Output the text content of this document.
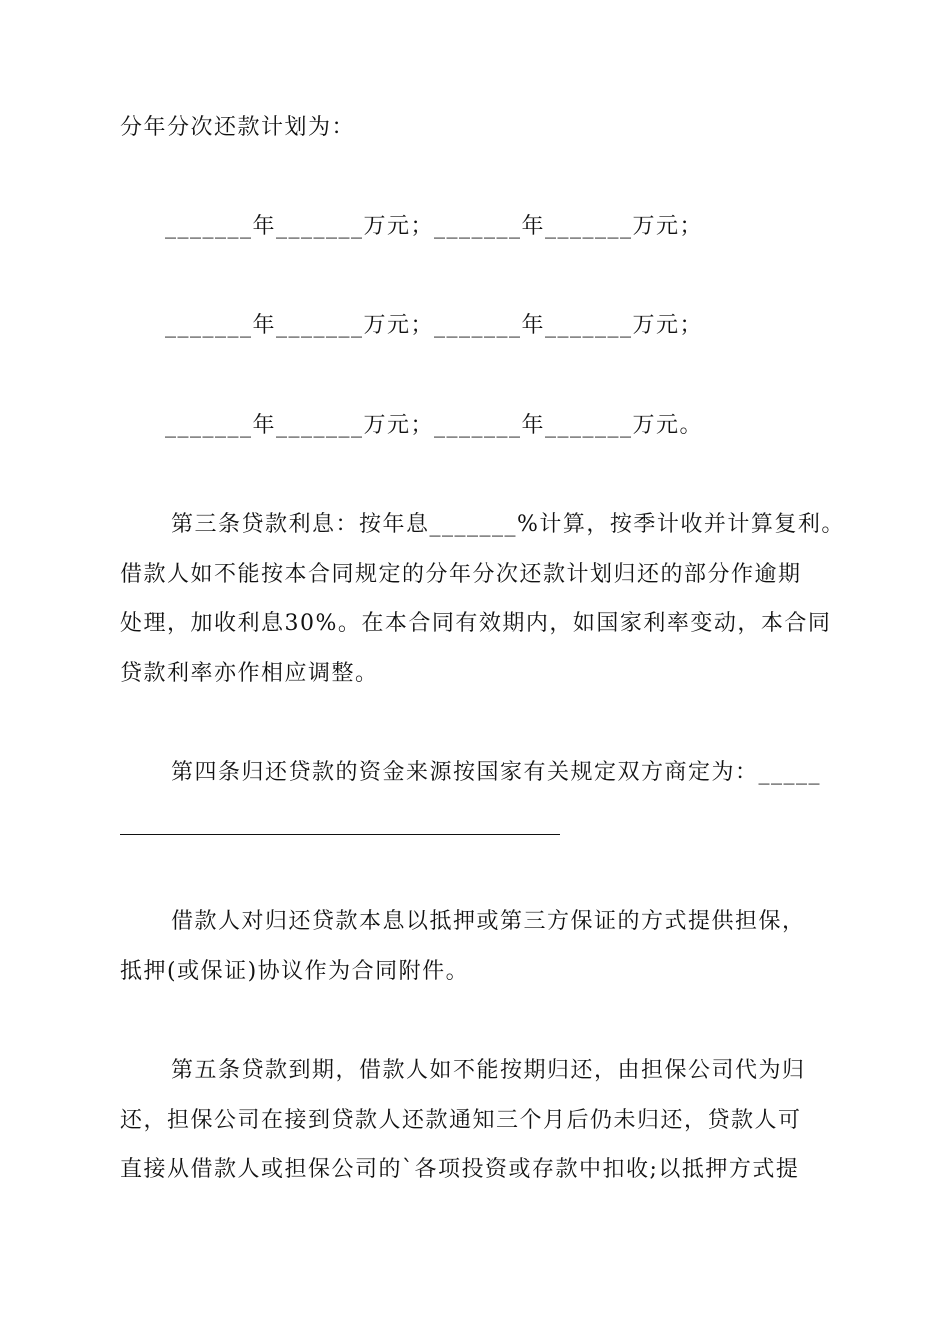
分年分次还款计划为：
_______年_______万元；_______年_______万元；
_______年_______万元；_______年_______万元；
_______年_______万元；_______年_______万元。
第三条贷款利息：按年息_______%计算，按季计收并计算复利。
借款人如不能按本合同规定的分年分次还款计划归还的部分作逾期
处理，加收利息30%。在本合同有效期内，如国家利率变动，本合同
贷款利率亦作相应调整。
第四条归还贷款的资金来源按国家有关规定双方商定为：_____
借款人对归还贷款本息以抵押或第三方保证的方式提供担保，
抵押(或保证)协议作为合同附件。
第五条贷款到期，借款人如不能按期归还，由担保公司代为归
还，担保公司在接到贷款人还款通知三个月后仍未归还，贷款人可
直接从借款人或担保公司的`各项投资或存款中扣收;以抵押方式提
